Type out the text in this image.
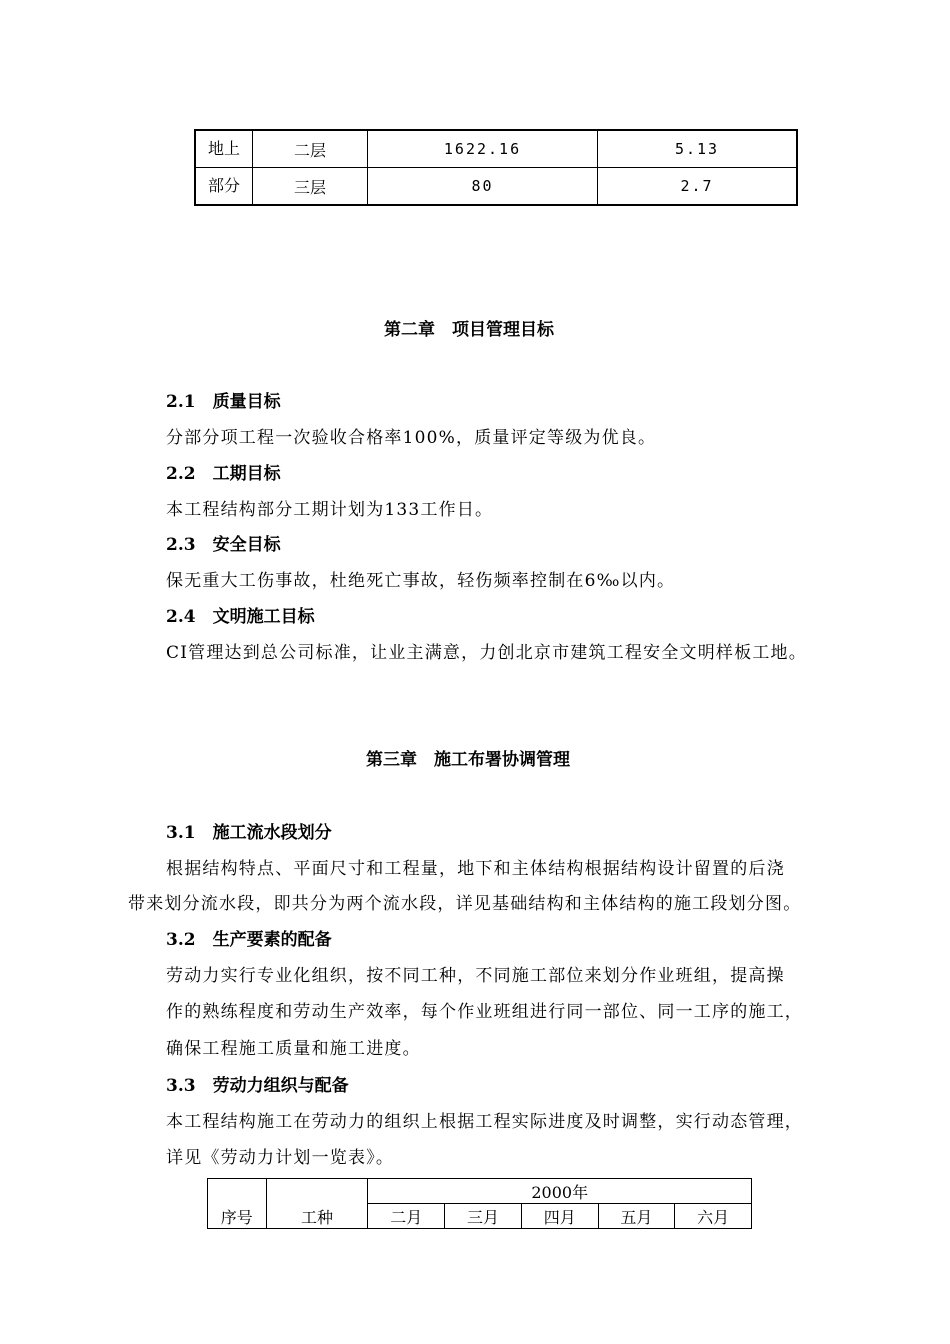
地上	二层	1622.16	5.13
部分	三层	80	2.7
第二章　项目管理目标
2.1　质量目标
分部分项工程一次验收合格率100%，质量评定等级为优良。
2.2　工期目标
本工程结构部分工期计划为133工作日。
2.3　安全目标
保无重大工伤事故，杜绝死亡事故，轻伤频率控制在6‰以内。
2.4　文明施工目标
CI管理达到总公司标准，让业主满意，力创北京市建筑工程安全文明样板工地。
第三章　施工布署协调管理
3.1　施工流水段划分
根据结构特点、平面尺寸和工程量，地下和主体结构根据结构设计留置的后浇
带来划分流水段，即共分为两个流水段，详见基础结构和主体结构的施工段划分图。
3.2　生产要素的配备
劳动力实行专业化组织，按不同工种，不同施工部位来划分作业班组，提高操
作的熟练程度和劳动生产效率，每个作业班组进行同一部位、同一工序的施工，
确保工程施工质量和施工进度。
3.3　劳动力组织与配备
本工程结构施工在劳动力的组织上根据工程实际进度及时调整，实行动态管理，
详见《劳动力计划一览表》。
序号	工种	2000年				
		二月	三月	四月	五月	六月
